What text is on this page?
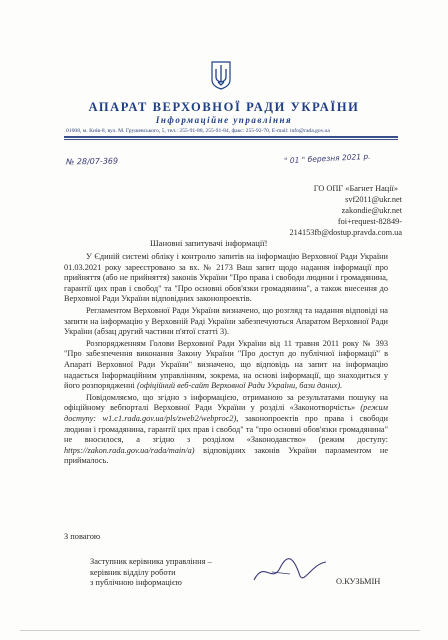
АПАРАТ ВЕРХОВНОЇ РАДИ УКРАЇНИ
Інформаційне управління
01008, м. Київ-8, вул. М. Грушевського, 5, тел.: 255-91-88, 255-91-84, факс: 255-92-70, E-mail: info@rada.gov.ua
№ 28/07-369	" 01 " березня 2021 р.
ГО ОПГ «Багнет Нації»
svf2011@ukr.net
zakondie@ukr.net
foi+request-82849-214153fb@dostup.pravda.com.ua
Шановні запитувачі інформації!

У Єдиній системі обліку і контролю запитів на інформацію Верховної Ради України 01.03.2021 року зареєстровано за вх. № 2173 Ваш запит щодо надання інформації про прийняття (або не прийняття) законів України "Про права і свободи людини і громадянина, гарантії цих прав і свобод" та "Про основні обов'язки громадянина", а також внесення до Верховної Ради України відповідних законопроектів.

Регламентом Верховної Ради України визначено, що розгляд та надання відповіді на запити на інформацію у Верховній Раді України забезпечуються Апаратом Верховної Ради України (абзац другий частини п'ятої статті 3).

Розпорядженням Голови Верховної Ради України від 11 травня 2011 року № 393 "Про забезпечення виконання Закону України "Про доступ до публічної інформації" в Апараті Верховної Ради України" визначено, що відповідь на запит на інформацію надається Інформаційним управлінням, зокрема, на основі інформації, що знаходиться у його розпорядженні (офіційний веб-сайт Верховної Ради України, бази даних).

Повідомляємо, що згідно з інформацією, отриманою за результатами пошуку на офіційному вебпорталі Верховної Ради України у розділі «Законотворчість» (режим доступу: w1.c1.rada.gov.ua/pls/zweb2/webproc2), законопроектів про права і свободи людини і громадянина, гарантії цих прав і свобод" та "про основні обов'язки громадянина" не вносилося, а згідно з розділом «Законодавство» (режим доступу: https://zakon.rada.gov.ua/rada/main/a) відповідних законів України парламентом не приймалось.

З повагою
Заступник керівника управління –
керівник відділу роботи
з публічною інформацією	О.КУЗЬМІН
